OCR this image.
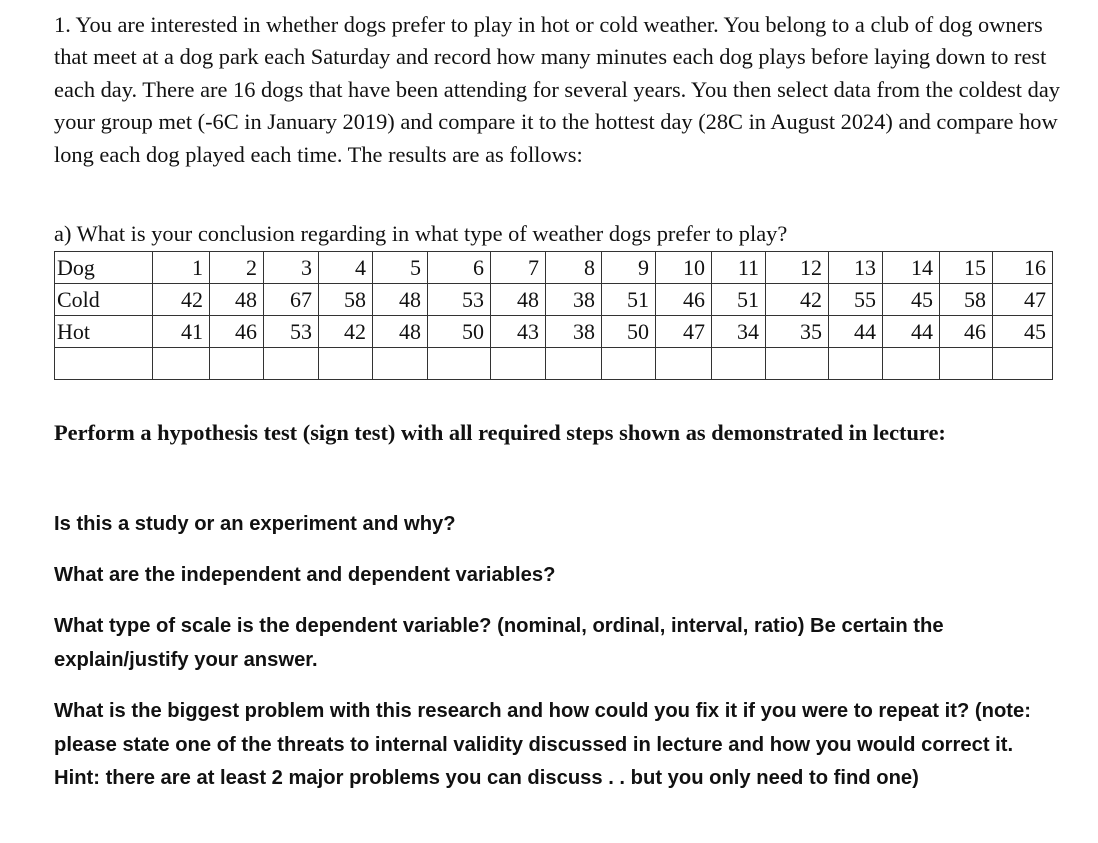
1. You are interested in whether dogs prefer to play in hot or cold weather. You belong to a club of dog owners that meet at a dog park each Saturday and record how many minutes each dog plays before laying down to rest each day. There are 16 dogs that have been attending for several years. You then select data from the coldest day your group met (-6C in January 2019) and compare it to the hottest day (28C in August 2024) and compare how long each dog played each time. The results are as follows:

a) What is your conclusion regarding in what type of weather dogs prefer to play?

Dog	1	2	3	4	5	6	7	8	9	10	11	12	13	14	15	16
Cold	42	48	67	58	48	53	48	38	51	46	51	42	55	45	58	47
Hot	41	46	53	42	48	50	43	38	50	47	34	35	44	44	46	45

Perform a hypothesis test (sign test) with all required steps shown as demonstrated in lecture:

Is this a study or an experiment and why?

What are the independent and dependent variables?

What type of scale is the dependent variable? (nominal, ordinal, interval, ratio) Be certain the explain/justify your answer.

What is the biggest problem with this research and how could you fix it if you were to repeat it? (note: please state one of the threats to internal validity discussed in lecture and how you would correct it. Hint: there are at least 2 major problems you can discuss . . but you only need to find one)
